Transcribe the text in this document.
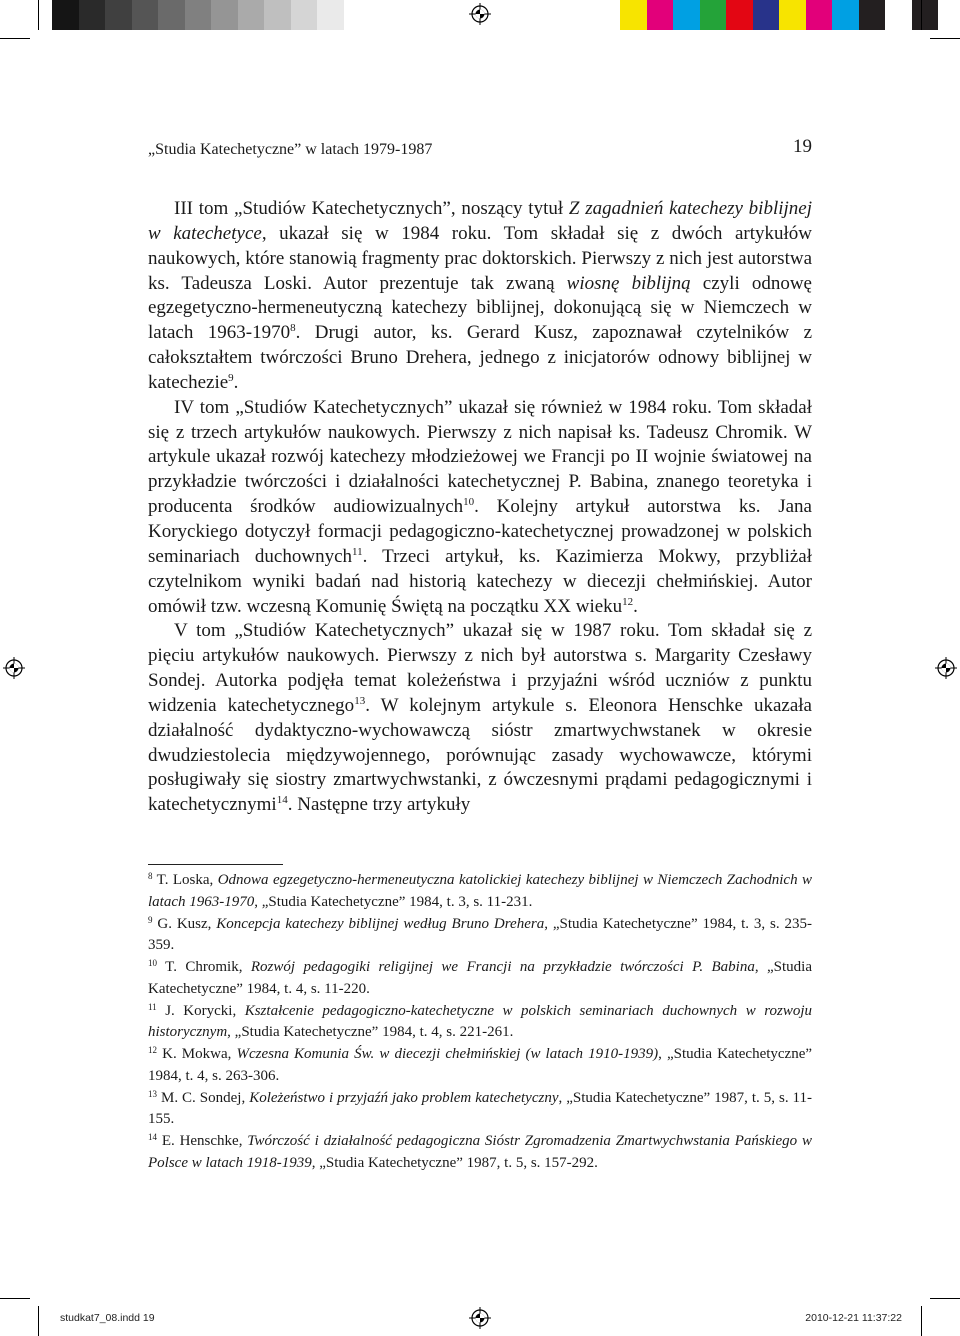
„Studia Katechetyczne” w latach 1979-1987	19

III tom „Studiów Katechetycznych”, noszący tytuł Z zagadnień katechezy biblijnej w katechetyce, ukazał się w 1984 roku. Tom składał się z dwóch artykułów naukowych, które stanowią fragmenty prac doktorskich. Pierwszy z nich jest autorstwa ks. Tadeusza Loski. Autor prezentuje tak zwaną wiosnę biblijną czyli odnowę egzegetyczno-hermeneutyczną katechezy biblijnej, dokonującą się w Niemczech w latach 1963-1970$^8$. Drugi autor, ks. Gerard Kusz, zapoznawał czytelników z całokształtem twórczości Bruno Drehera, jednego z inicjatorów odnowy biblijnej w katechezie$^9$.

IV tom „Studiów Katechetycznych” ukazał się również w 1984 roku. Tom składał się z trzech artykułów naukowych. Pierwszy z nich napisał ks. Tadeusz Chromik. W artykule ukazał rozwój katechezy młodzieżowej we Francji po II wojnie światowej na przykładzie twórczości i działalności katechetycznej P. Babina, znanego teoretyka i producenta środków audiowizualnych$^{10}$. Kolejny artykuł autorstwa ks. Jana Koryckiego dotyczył formacji pedagogiczno-katechetycznej prowadzonej w polskich seminariach duchownych$^{11}$. Trzeci artykuł, ks. Kazimierza Mokwy, przybliżał czytelnikom wyniki badań nad historią katechezy w diecezji chełmińskiej. Autor omówił tzw. wczesną Komunię Świętą na początku XX wieku$^{12}$.

V tom „Studiów Katechetycznych” ukazał się w 1987 roku. Tom składał się z pięciu artykułów naukowych. Pierwszy z nich był autorstwa s. Margarity Czesławy Sondej. Autorka podjęła temat koleżeństwa i przyjaźni wśród uczniów z punktu widzenia katechetycznego$^{13}$. W kolejnym artykule s. Eleonora Henschke ukazała działalność dydaktyczno-wychowawczą sióstr zmartwychwstanek w okresie dwudziestolecia międzywojennego, porównując zasady wychowawcze, którymi posługiwały się siostry zmartwychwstanki, z ówczesnymi prądami pedagogicznymi i katechetycznymi$^{14}$. Następne trzy artykuły

$^8$ T. Loska, Odnowa egzegetyczno-hermeneutyczna katolickiej katechezy biblijnej w Niemczech Zachodnich w latach 1963-1970, „Studia Katechetyczne” 1984, t. 3, s. 11-231.
$^9$ G. Kusz, Koncepcja katechezy biblijnej według Bruno Drehera, „Studia Katechetyczne” 1984, t. 3, s. 235-359.
$^{10}$ T. Chromik, Rozwój pedagogiki religijnej we Francji na przykładzie twórczości P. Babina, „Studia Katechetyczne” 1984, t. 4, s. 11-220.
$^{11}$ J. Korycki, Kształcenie pedagogiczno-katechetyczne w polskich seminariach duchownych w rozwoju historycznym, „Studia Katechetyczne” 1984, t. 4, s. 221-261.
$^{12}$ K. Mokwa, Wczesna Komunia Św. w diecezji chełmińskiej (w latach 1910-1939), „Studia Katechetyczne” 1984, t. 4, s. 263-306.
$^{13}$ M. C. Sondej, Koleżeństwo i przyjaźń jako problem katechetyczny, „Studia Katechetyczne” 1987, t. 5, s. 11-155.
$^{14}$ E. Henschke, Twórczość i działalność pedagogiczna Sióstr Zgromadzenia Zmartwychwstania Pańskiego w Polsce w latach 1918-1939, „Studia Katechetyczne” 1987, t. 5, s. 157-292.
studkat7_08.indd 19	2010-12-21 11:37:22
